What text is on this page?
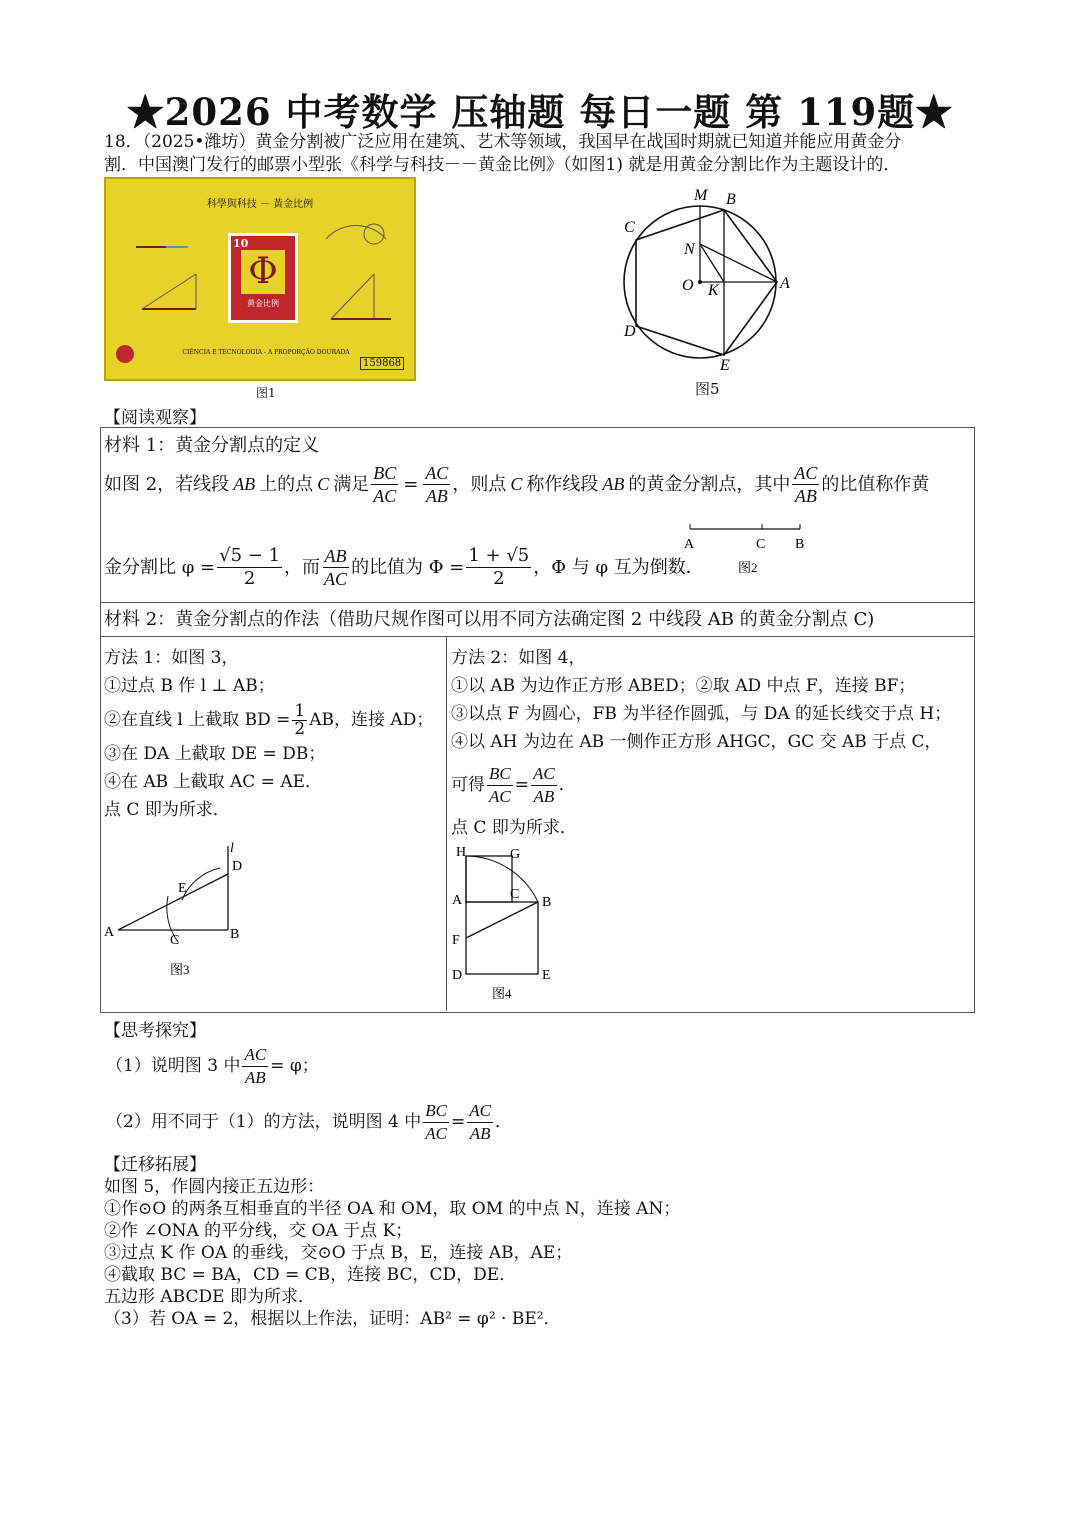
★2026 中考数学 压轴题 每日一题 第 119题★
18．（2025•潍坊）黄金分割被广泛应用在建筑、艺术等领域，我国早在战国时期就已知道并能应用黄金分
割．中国澳门发行的邮票小型张《科学与科技－－黄金比例》（如图1) 就是用黄金分割比作为主题设计的．
科學與科技 － 黃金比例
10
Φ
黄金比例
CIÊNCIA E TECNOLOGIA - A PROPORÇÃO DOURADA
159868
图1
M B
C
N
O K	A
D
E
图5
【阅读观察】
材料 1：黄金分割点的定义
如图 2，若线段 AB 上的点 C 满足 $\frac{BC}{AC} = \frac{AC}{AB}$ ，则点 C 称作线段 AB 的黄金分割点，其中 $\frac{AC}{AB}$ 的比值称作黄
金分割比 $\varphi = \frac{√5 - 1}{2}$ ，而 $\frac{AB}{AC}$ 的比值为 $\Phi = \frac{1 + √5}{2}$ ，Φ 与 φ 互为倒数．
A	C B
图2
材料 2：黄金分割点的作法（借助尺规作图可以用不同方法确定图 2 中线段 AB 的黄金分割点 C)
方法 1：如图 3，
①过点 B 作 l ⊥ AB；
②在直线 l 上截取 BD = $\frac{1}{2}$ AB，连接 AD；
③在 DA 上截取 DE = DB；
④在 AB 上截取 AC = AE．
点 C 即为所求．
l
D
E
A
C	B
图3
方法 2：如图 4，
①以 AB 为边作正方形 ABED；②取 AD 中点 F，连接 BF；
③以点 F 为圆心，FB 为半径作圆弧，与 DA 的延长线交于点 H；
④以 AH 为边在 AB 一侧作正方形 AHGC，GC 交 AB 于点 C，
可得 $\frac{BC}{AC} = \frac{AC}{AB}$ ．
点 C 即为所求．
H	G
C
A	B
F
D	E
图4
【思考探究】
（1）说明图 3 中 $\frac{AC}{AB} = \varphi$；
（2）用不同于（1）的方法，说明图 4 中 $\frac{BC}{AC} = \frac{AC}{AB}$ ．
【迁移拓展】
如图 5，作圆内接正五边形：
①作⊙O 的两条互相垂直的半径 OA 和 OM，取 OM 的中点 N，连接 AN；
②作 ∠ONA 的平分线，交 OA 于点 K；
③过点 K 作 OA 的垂线，交⊙O 于点 B，E，连接 AB，AE；
④截取 BC = BA，CD = CB，连接 BC，CD，DE．
五边形 ABCDE 即为所求．
（3）若 OA = 2，根据以上作法，证明：AB² = φ² · BE²．
